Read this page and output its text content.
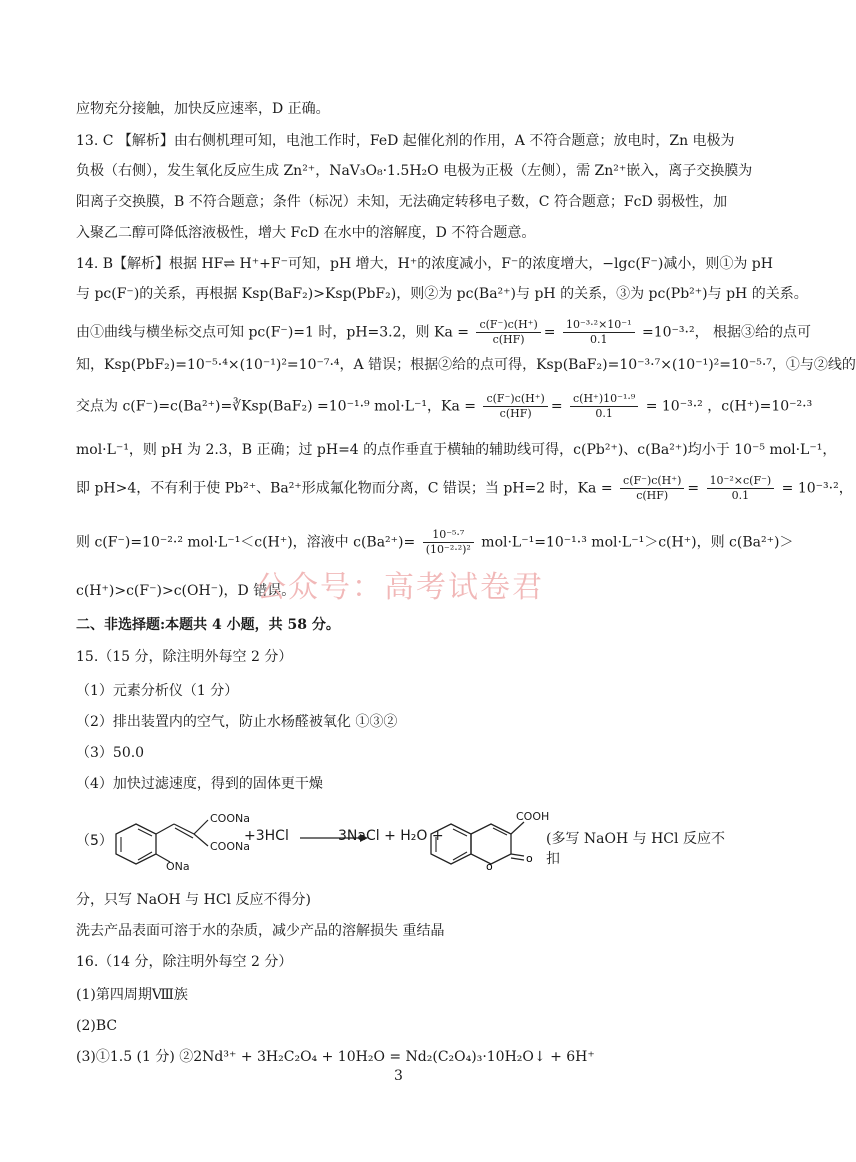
应物充分接触，加快反应速率，D 正确。
13. C 【解析】由右侧机理可知，电池工作时，FeD 起催化剂的作用，A 不符合题意；放电时，Zn 电极为
负极（右侧），发生氧化反应生成 Zn²⁺，NaV₃O₈·1.5H₂O 电极为正极（左侧），需 Zn²⁺嵌入，离子交换膜为
阳离子交换膜，B 不符合题意；条件（标况）未知，无法确定转移电子数，C 符合题意；FcD 弱极性，加
入聚乙二醇可降低溶液极性，增大 FcD 在水中的溶解度，D 不符合题意。
14. B【解析】根据 HF⇌ H⁺+F⁻可知，pH 增大，H⁺的浓度减小，F⁻的浓度增大，−lgc(F⁻)减小，则①为 pH
与 pc(F⁻)的关系，再根据 Ksp(BaF₂)>Ksp(PbF₂)，则②为 pc(Ba²⁺)与 pH 的关系，③为 pc(Pb²⁺)与 pH 的关系。
由①曲线与横坐标交点可知 pc(F⁻)=1 时，pH=3.2，则 $Ka = \frac{c(F^-)c(H^+)}{c(HF)} = \frac{\text{10⁻³·²×10⁻¹}}{0.1} =10^{-3}\cdot^2$， 根据③给的点可
知，Ksp(PbF₂)=10⁻⁵·⁴×(10⁻¹)²=10⁻⁷·⁴，A 错误；根据②给的点可得，Ksp(BaF₂)=10⁻³·⁷×(10⁻¹)²=10⁻⁵·⁷，①与②线的
交点为 c(F⁻)=c(Ba²⁺)=∛Ksp(BaF₂) =10⁻¹·⁹ mol·L⁻¹，$Ka = \frac{c(F^-)c(H^+)}{c(HF)} = \frac{\text{c(H⁺)10⁻¹·⁹}}{0.1} = 10^{-3}\cdot^2$ ，c(H⁺)=10⁻²·³
mol·L⁻¹，则 pH 为 2.3，B 正确；过 pH=4 的点作垂直于横轴的辅助线可得，c(Pb²⁺)、c(Ba²⁺)均小于 10⁻⁵ mol·L⁻¹，
即 pH>4，不有利于使 Pb²⁺、Ba²⁺形成氟化物而分离，C 错误；当 pH=2 时，$Ka = \frac{c(F^-)c(H^+)}{c(HF)} = \frac{\text{10⁻²×c(F⁻)}}{0.1} = 10^{-3}\cdot^2$，
则 c(F⁻)=10⁻²·² mol·L⁻¹＜c(H⁺)，溶液中 $c(Ba^{2+})= \frac{\text{10⁻⁵·⁷}}{\text{(10⁻²·²)²}} mol\cdot L^{-1}=10^{-1}\cdot^3$ mol·L⁻¹＞c(H⁺)，则 c(Ba²⁺)＞
c(H⁺)>c(F⁻)>c(OH⁻)，D 错误。
公众号：高考试卷君
二、非选择题:本题共 4 小题，共 58 分。
15.（15 分，除注明外每空 2 分）
（1）元素分析仪（1 分）
（2）排出装置内的空气，防止水杨醛被氧化 ①③②
（3）50.0
（4）加快过滤速度，得到的固体更干燥
（5）
o
o
COONa
COONa
ONa
+3HCl	3NaCl + H₂O +
COOH
(多写 NaOH 与 HCl 反应不扣
分，只写 NaOH 与 HCl 反应不得分)
洗去产品表面可溶于水的杂质，减少产品的溶解损失 重结晶
16.（14 分，除注明外每空 2 分）
(1)第四周期Ⅷ族
(2)BC
(3)①1.5 (1 分) ②2Nd³⁺ + 3H₂C₂O₄ + 10H₂O = Nd₂(C₂O₄)₃·10H₂O↓ + 6H⁺
3
